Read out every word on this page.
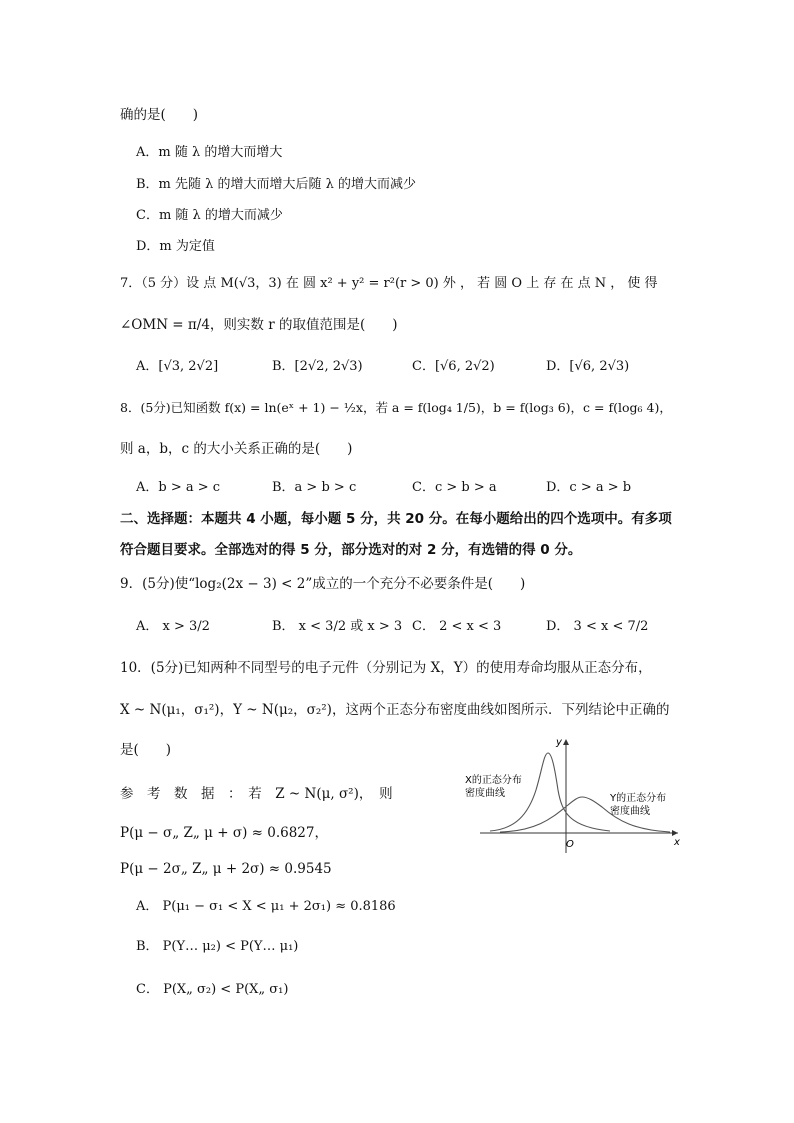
确的是(　　)
A．m 随 λ 的增大而增大
B．m 先随 λ 的增大而增大后随 λ 的增大而减少
C．m 随 λ 的增大而减少
D．m 为定值
7．（5 分）设 点 M(√3，3) 在 圆 x² + y² = r²(r > 0) 外 ， 若 圆 O 上 存 在 点 N ， 使 得
∠OMN = π/4，则实数 r 的取值范围是(　　)
A．[√3, 2√2]	B．[2√2, 2√3)	C．[√6, 2√2)	D．[√6, 2√3)
8．(5分)已知函数 f(x) = ln(eˣ + 1) − ½x，若 a = f(log₄ 1/5)，b = f(log₃ 6)，c = f(log₆ 4)，
则 a，b，c 的大小关系正确的是(　　)
A．b > a > c	B．a > b > c	C．c > b > a	D．c > a > b
二、选择题：本题共 4 小题，每小题 5 分，共 20 分。在每小题给出的四个选项中。有多项
符合题目要求。全部选对的得 5 分，部分选对的对 2 分，有选错的得 0 分。
9．(5分)使“log₂(2x − 3) < 2”成立的一个充分不必要条件是(　　)
A． x > 3/2	B． x < 3/2 或 x > 3 C． 2 < x < 3	D． 3 < x < 7/2
10．(5分)已知两种不同型号的电子元件（分别记为 X，Y）的使用寿命均服从正态分布，
X ~ N(μ₁，σ₁²)，Y ~ N(μ₂，σ₂²)，这两个正态分布密度曲线如图所示．下列结论中正确的
是(　　)
参　考　数　据　：　若　Z ~ N(μ, σ²)，　则
P(μ − σ„ Z„ μ + σ) ≈ 0.6827，
P(μ − 2σ„ Z„ μ + 2σ) ≈ 0.9545
A． P(μ₁ − σ₁ < X < μ₁ + 2σ₁) ≈ 0.8186
B． P(Y… μ₂) < P(Y… μ₁)
C． P(X„ σ₂) < P(X„ σ₁)
y
x
O
X的正态分布
密度曲线	Y的正态分布
密度曲线
